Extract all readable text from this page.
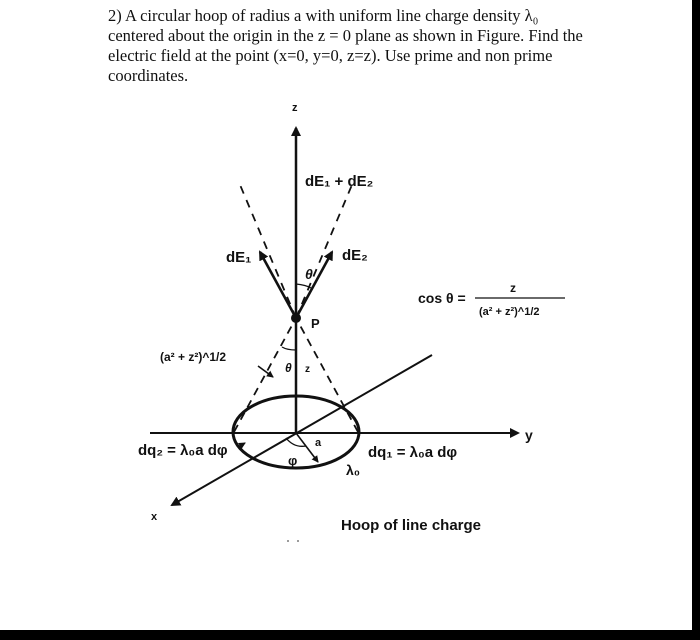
2) A circular hoop of radius a with uniform line charge density λ₀
centered about the origin in the z = 0 plane as shown in Figure. Find the
electric field at the point (x=0, y=0, z=z). Use prime and non prime
coordinates.

z
dE₁ + dE₂
dE₁	dE₂
θ
P
cos θ =
z
(a² + z²)^1/2
(a² + z²)^1/2
θ z
a
φ
λ₀
dq₂ = λ₀a dφ	dq₁ = λ₀a dφ
y
x	Hoop of line charge
